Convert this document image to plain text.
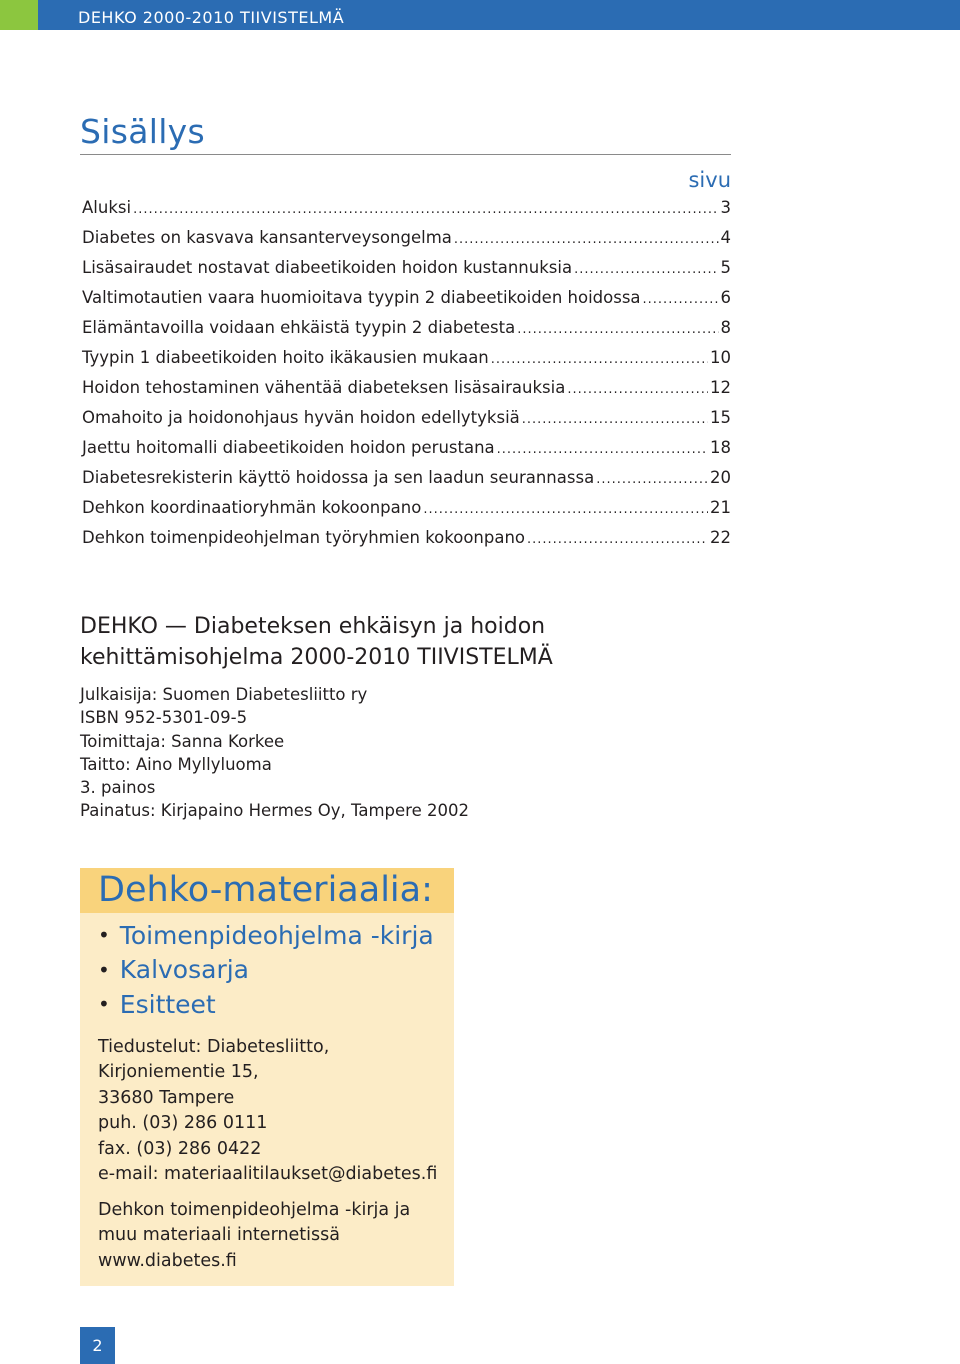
DEHKO 2000-2010 TIIVISTELMÄ
Sisällys
sivu
Aluksi .....	3
Diabetes on kasvava kansanterveysongelma .....	4
Lisäsairaudet nostavat diabeetikoiden hoidon kustannuksia .....	5
Valtimotautien vaara huomioitava tyypin 2 diabeetikoiden hoidossa .....	6
Elämäntavoilla voidaan ehkäistä tyypin 2 diabetesta .....	8
Tyypin 1 diabeetikoiden hoito ikäkausien mukaan .....	10
Hoidon tehostaminen vähentää diabeteksen lisäsairauksia .....	12
Omahoito ja hoidonohjaus hyvän hoidon edellytyksiä .....	15
Jaettu hoitomalli diabeetikoiden hoidon perustana .....	18
Diabetesrekisterin käyttö hoidossa ja sen laadun seurannassa .....	20
Dehkon koordinaatioryhmän kokoonpano .....	21
Dehkon toimenpideohjelman työryhmien kokoonpano .....	22
DEHKO — Diabeteksen ehkäisyn ja hoidon
kehittämisohjelma 2000-2010 TIIVISTELMÄ
Julkaisija: Suomen Diabetesliitto ry
ISBN 952-5301-09-5
Toimittaja: Sanna Korkee
Taitto: Aino Myllyluoma
3. painos
Painatus: Kirjapaino Hermes Oy, Tampere 2002
Dehko-materiaalia:
• Toimenpideohjelma -kirja
• Kalvosarja
• Esitteet
Tiedustelut: Diabetesliitto,
Kirjoniementie 15,
33680 Tampere
puh. (03) 286 0111
fax. (03) 286 0422
e-mail: materiaalitilaukset@diabetes.fi
Dehkon toimenpideohjelma -kirja ja
muu materiaali internetissä
www.diabetes.fi
2
